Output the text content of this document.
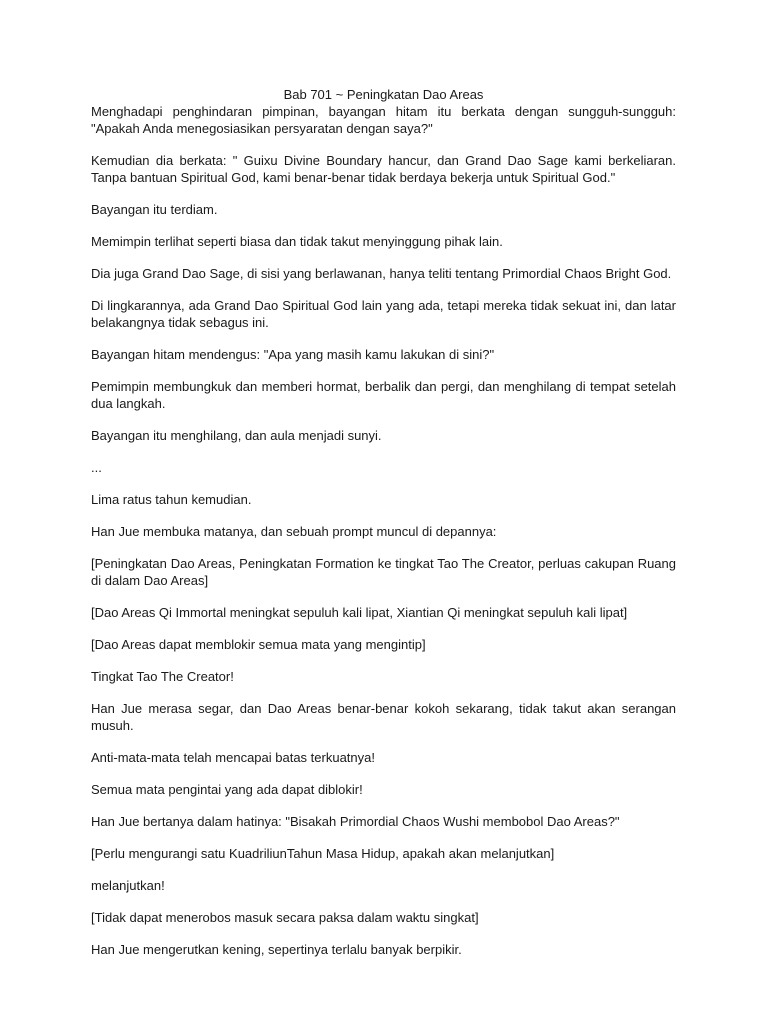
Bab 701 ~ Peningkatan Dao Areas

Menghadapi penghindaran pimpinan, bayangan hitam itu berkata dengan sungguh-sungguh: "Apakah Anda menegosiasikan persyaratan dengan saya?"

Kemudian dia berkata: " Guixu Divine Boundary hancur, dan Grand Dao Sage kami berkeliaran. Tanpa bantuan Spiritual God, kami benar-benar tidak berdaya bekerja untuk Spiritual God."

Bayangan itu terdiam.

Memimpin terlihat seperti biasa dan tidak takut menyinggung pihak lain.

Dia juga Grand Dao Sage, di sisi yang berlawanan, hanya teliti tentang Primordial Chaos Bright God.

Di lingkarannya, ada Grand Dao Spiritual God lain yang ada, tetapi mereka tidak sekuat ini, dan latar belakangnya tidak sebagus ini.

Bayangan hitam mendengus: "Apa yang masih kamu lakukan di sini?"

Pemimpin membungkuk dan memberi hormat, berbalik dan pergi, dan menghilang di tempat setelah dua langkah.

Bayangan itu menghilang, dan aula menjadi sunyi.

...

Lima ratus tahun kemudian.

Han Jue membuka matanya, dan sebuah prompt muncul di depannya:

[Peningkatan Dao Areas, Peningkatan Formation ke tingkat Tao The Creator, perluas cakupan Ruang di dalam Dao Areas]

[Dao Areas Qi Immortal meningkat sepuluh kali lipat, Xiantian Qi meningkat sepuluh kali lipat]

[Dao Areas dapat memblokir semua mata yang mengintip]

Tingkat Tao The Creator!

Han Jue merasa segar, dan Dao Areas benar-benar kokoh sekarang, tidak takut akan serangan musuh.

Anti-mata-mata telah mencapai batas terkuatnya!

Semua mata pengintai yang ada dapat diblokir!

Han Jue bertanya dalam hatinya: "Bisakah Primordial Chaos Wushi membobol Dao Areas?"

[Perlu mengurangi satu KuadriliunTahun Masa Hidup, apakah akan melanjutkan]

melanjutkan!

[Tidak dapat menerobos masuk secara paksa dalam waktu singkat]

Han Jue mengerutkan kening, sepertinya terlalu banyak berpikir.
